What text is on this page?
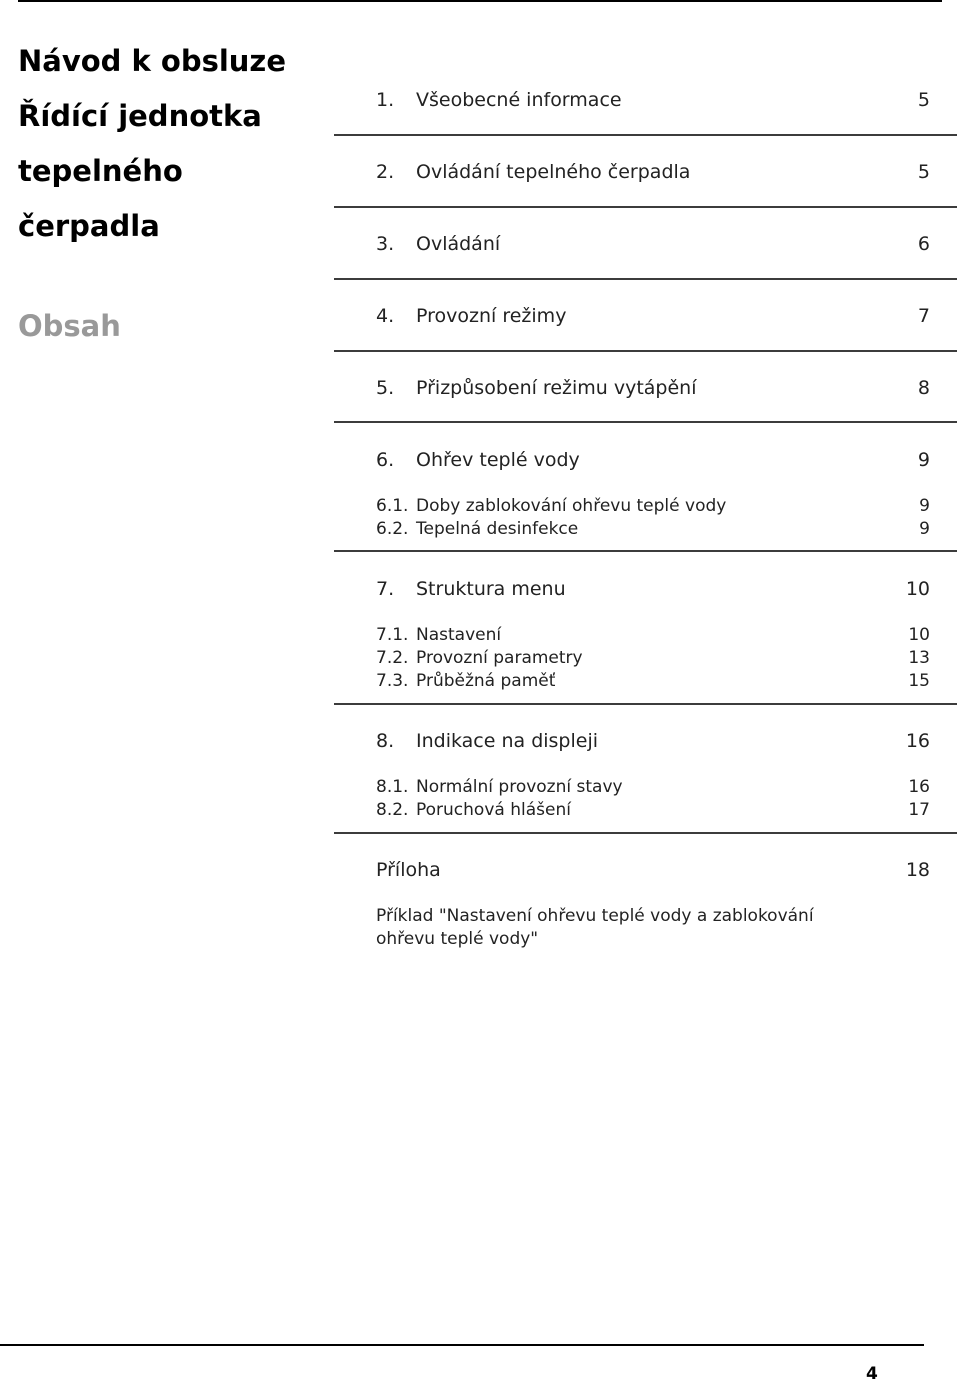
Návod k obsluze
Řídící jednotka
tepelného
čerpadla
Obsah
1. Všeobecné informace	5
2. Ovládání tepelného čerpadla	5
3. Ovládání	6
4. Provozní režimy	7
5. Přizpůsobení režimu vytápění	8
6. Ohřev teplé vody	9
6.1. Doby zablokování ohřevu teplé vody	9
6.2. Tepelná desinfekce	9
7. Struktura menu	10
7.1. Nastavení	10
7.2. Provozní parametry	13
7.3. Průběžná paměť	15
8. Indikace na displeji	16
8.1. Normální provozní stavy	16
8.2. Poruchová hlášení	17
Příloha	18
Příklad "Nastavení ohřevu teplé vody a zablokování
ohřevu teplé vody"
4
